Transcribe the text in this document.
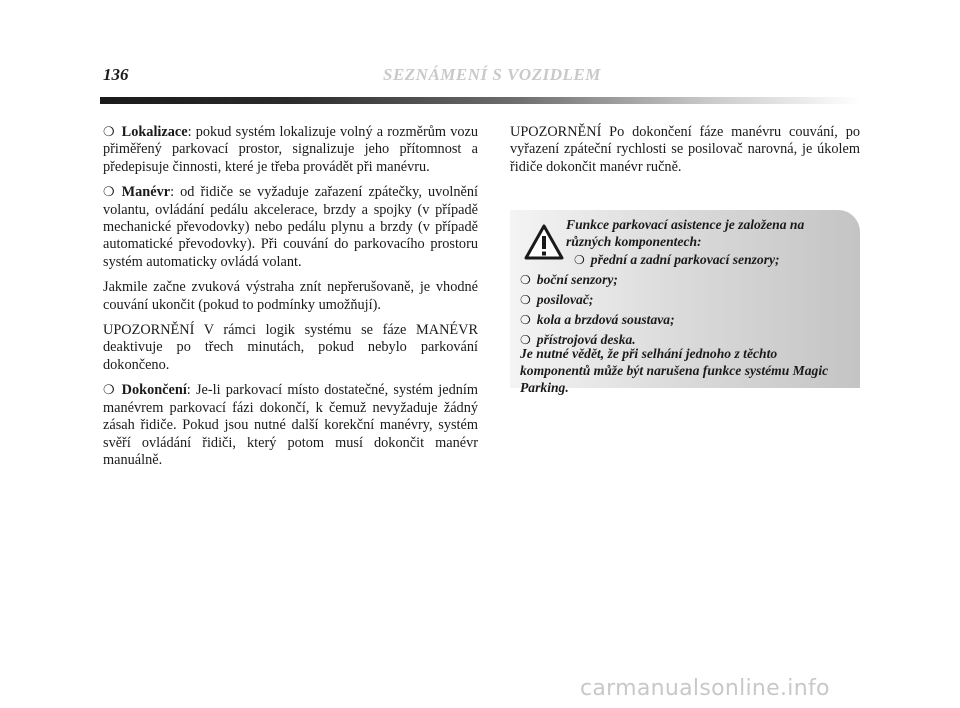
136	SEZNÁMENÍ S VOZIDLEM

❍ Lokalizace: pokud systém lokalizuje volný a rozměrům vozu přiměřený parkovací prostor, signalizuje jeho přítomnost a předepisuje činnosti, které je třeba provádět při manévru.

❍ Manévr: od řidiče se vyžaduje zařazení zpátečky, uvolnění volantu, ovládání pedálu akcelerace, brzdy a spojky (v případě mechanické převodovky) nebo pedálu plynu a brzdy (v případě automatické převodovky). Při couvání do parkovacího prostoru systém automaticky ovládá volant.

Jakmile začne zvuková výstraha znít nepřerušovaně, je vhodné couvání ukončit (pokud to podmínky umožňují).

UPOZORNĚNÍ V rámci logik systému se fáze MANÉVR deaktivuje po třech minutách, pokud nebylo parkování dokončeno.

❍ Dokončení: Je-li parkovací místo dostatečné, systém jedním manévrem parkovací fázi dokončí, k čemuž nevyžaduje žádný zásah řidiče. Pokud jsou nutné další korekční manévry, systém svěří ovládání řidiči, který potom musí dokončit manévr manuálně.

UPOZORNĚNÍ Po dokončení fáze manévru couvání, po vyřazení zpáteční rychlosti se posilovač narovná, je úkolem řidiče dokončit manévr ručně.

Funkce parkovací asistence je založena na různých komponentech:
❍ přední a zadní parkovací senzory;
❍ boční senzory;
❍ posilovač;
❍ kola a brzdová soustava;
❍ přístrojová deska.
Je nutné vědět, že při selhání jednoho z těchto komponentů může být narušena funkce systému Magic Parking.
carmanualsonline.info
